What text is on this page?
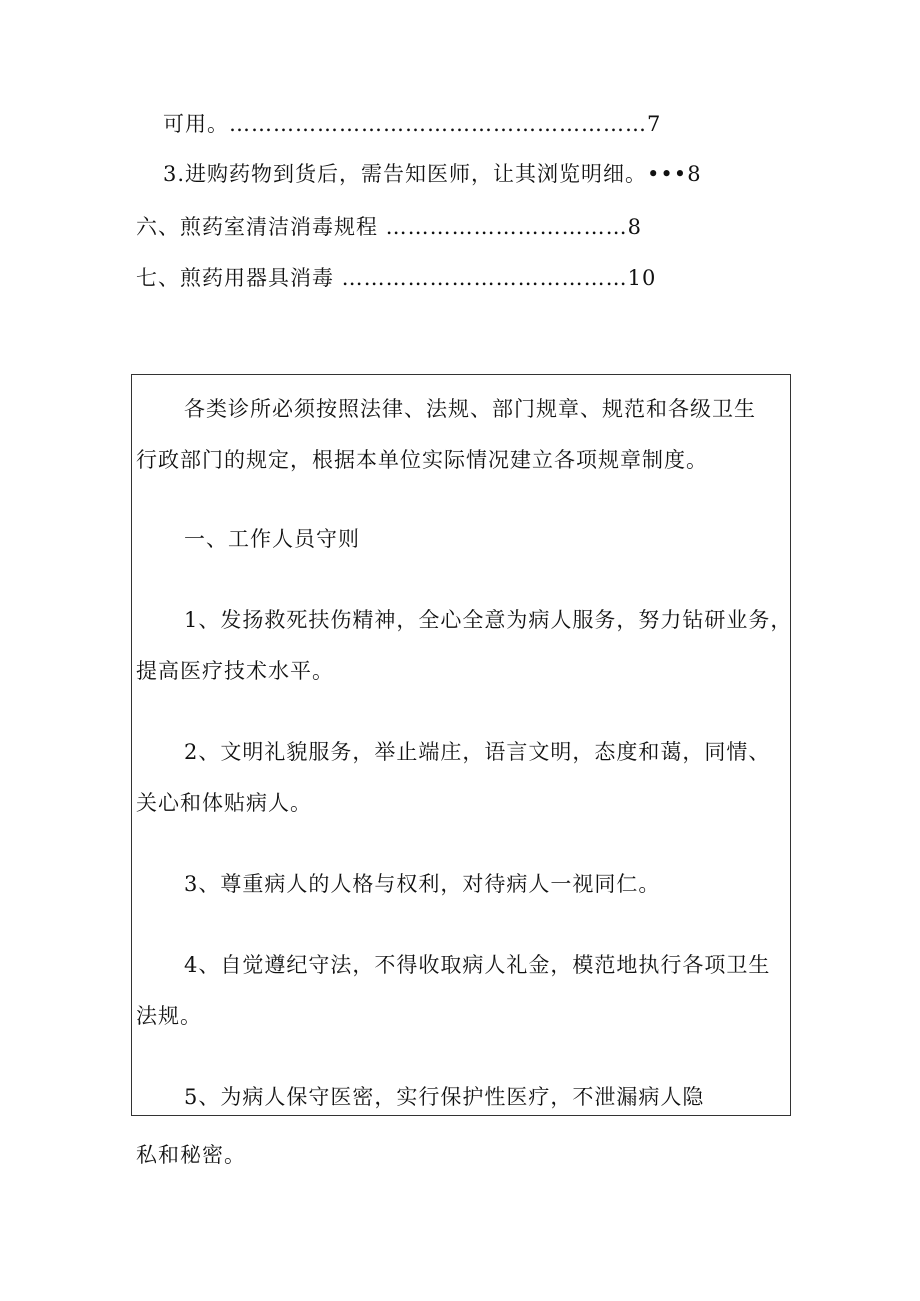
可用。…………………………………………………7
3.进购药物到货后，需告知医师，让其浏览明细。•••8
六、煎药室清洁消毒规程 ……………………………8
七、煎药用器具消毒 …………………………………10
各类诊所必须按照法律、法规、部门规章、规范和各级卫生
行政部门的规定，根据本单位实际情况建立各项规章制度。
一、工作人员守则
1、发扬救死扶伤精神，全心全意为病人服务，努力钻研业务，
提高医疗技术水平。
2、文明礼貌服务，举止端庄，语言文明，态度和蔼，同情、
关心和体贴病人。
3、尊重病人的人格与权利，对待病人一视同仁。
4、自觉遵纪守法，不得收取病人礼金，模范地执行各项卫生
法规。
5、为病人保守医密，实行保护性医疗，不泄漏病人隐
私和秘密。
